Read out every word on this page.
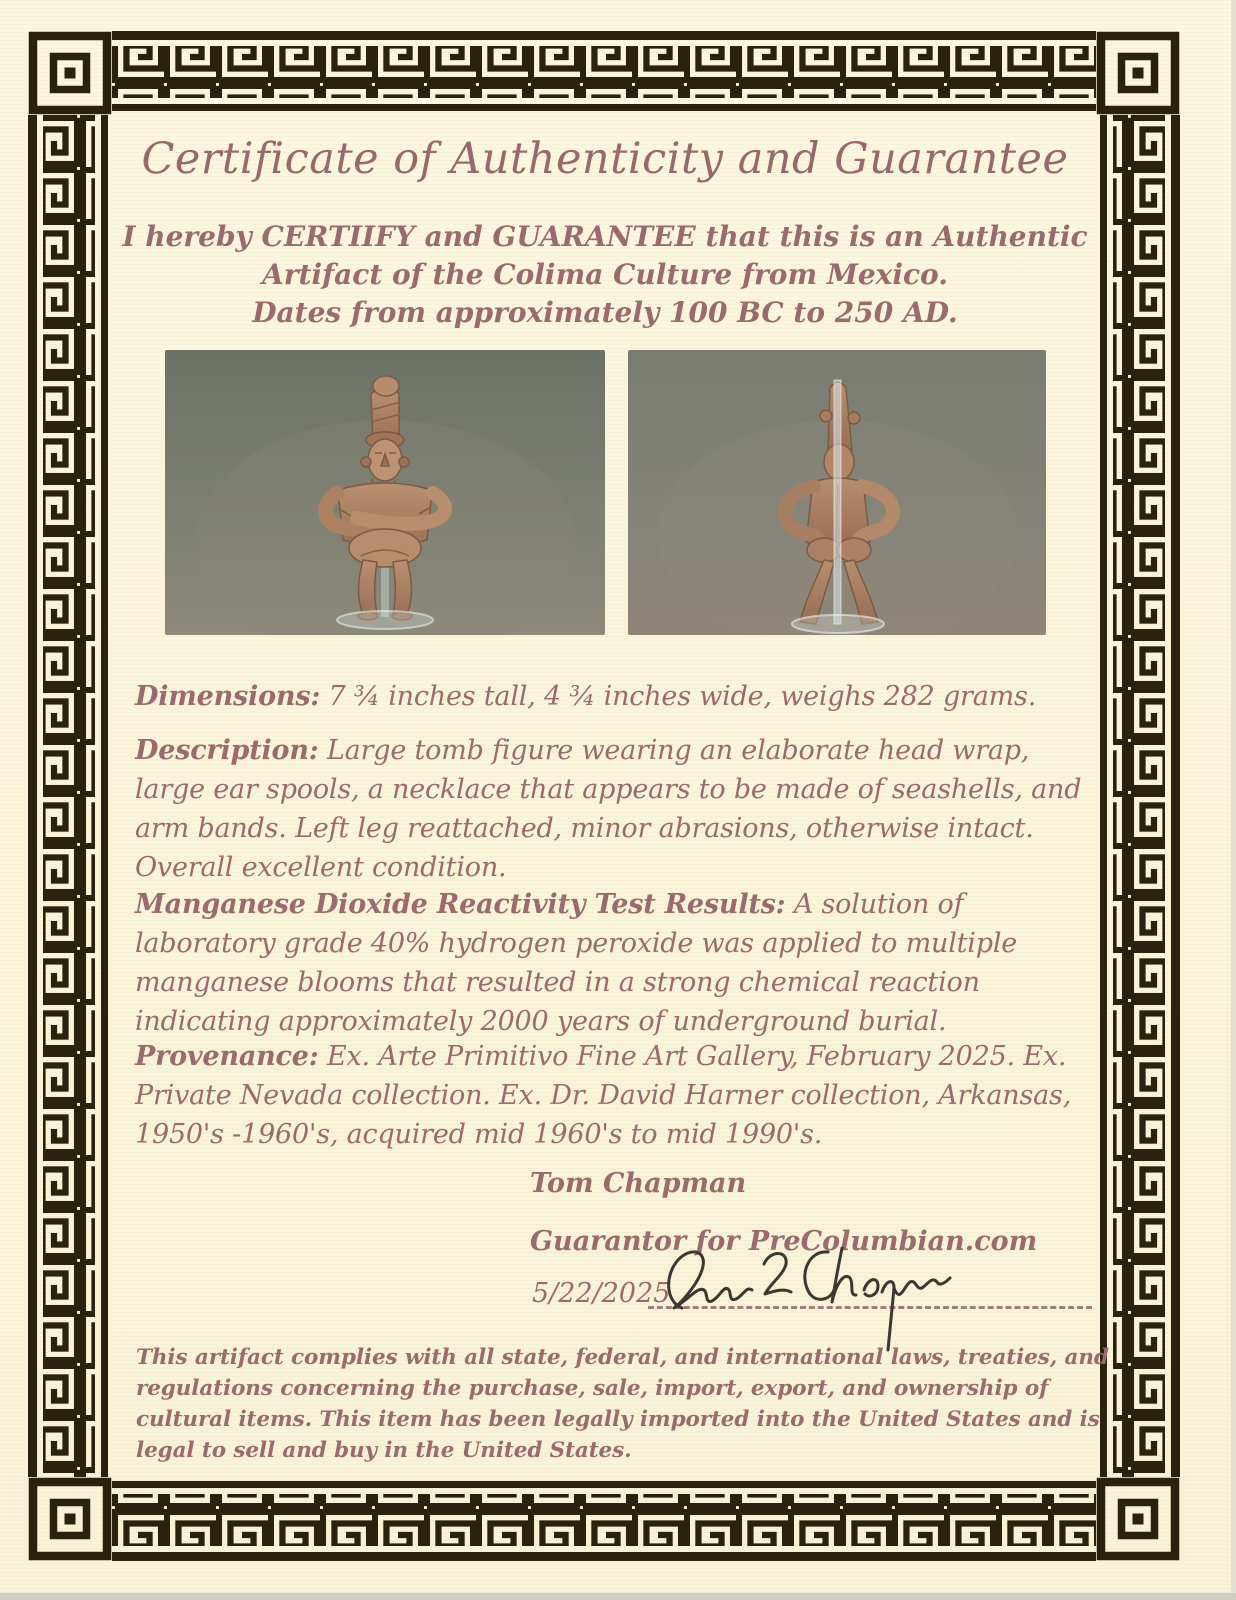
Certificate of Authenticity and Guarantee
I hereby CERTIIFY and GUARANTEE that this is an Authentic
Artifact of the Colima Culture from Mexico.
Dates from approximately 100 BC to 250 AD.

Dimensions: 7 ¾ inches tall, 4 ¾ inches wide, weighs 282 grams.

Description: Large tomb figure wearing an elaborate head wrap, large ear spools, a necklace that appears to be made of seashells, and arm bands. Left leg reattached, minor abrasions, otherwise intact. Overall excellent condition.

Manganese Dioxide Reactivity Test Results: A solution of laboratory grade 40% hydrogen peroxide was applied to multiple manganese blooms that resulted in a strong chemical reaction indicating approximately 2000 years of underground burial.

Provenance: Ex. Arte Primitivo Fine Art Gallery, February 2025. Ex. Private Nevada collection. Ex. Dr. David Harner collection, Arkansas, 1950's -1960's, acquired mid 1960's to mid 1990's.

Tom Chapman
Guarantor for PreColumbian.com
5/22/2025

This artifact complies with all state, federal, and international laws, treaties, and regulations concerning the purchase, sale, import, export, and ownership of cultural items. This item has been legally imported into the United States and is legal to sell and buy in the United States.
